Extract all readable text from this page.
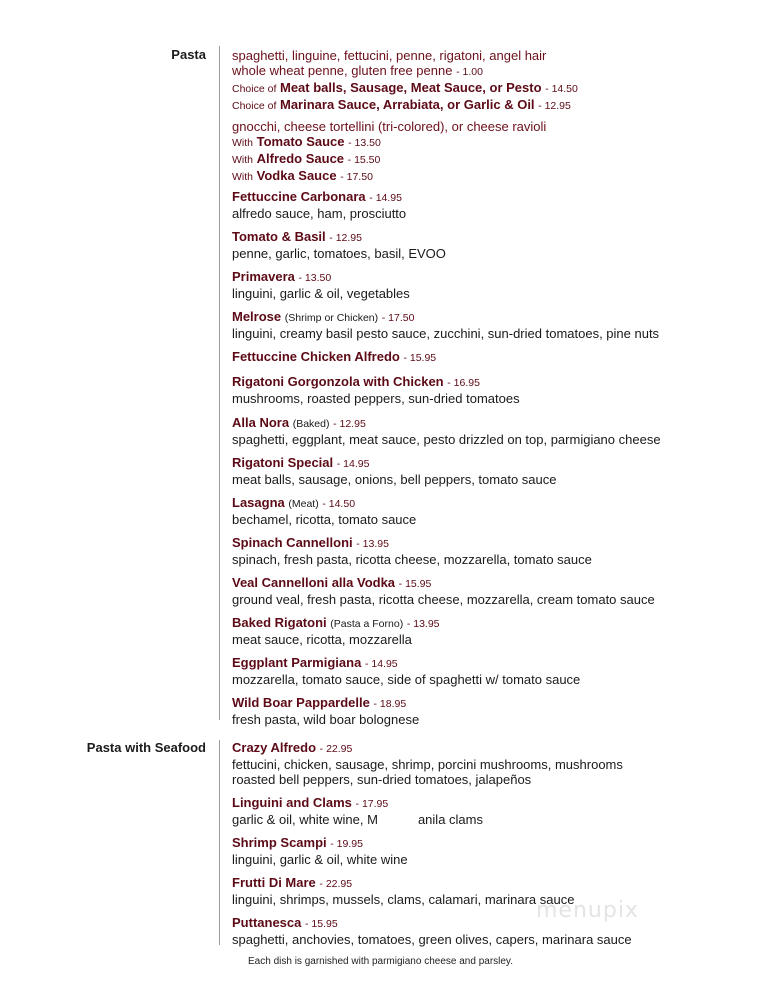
Pasta
Pasta with Seafood
spaghetti, linguine, fettucini, penne, rigatoni, angel hair
whole wheat penne, gluten free penne - 1.00
Choice of Meat balls, Sausage, Meat Sauce, or Pesto - 14.50
Choice of Marinara Sauce, Arrabiata, or Garlic & Oil - 12.95
gnocchi, cheese tortellini (tri-colored), or cheese ravioli
With Tomato Sauce - 13.50
With Alfredo Sauce - 15.50
With Vodka Sauce - 17.50
Fettuccine Carbonara - 14.95
alfredo sauce, ham, prosciutto
Tomato & Basil - 12.95
penne, garlic, tomatoes, basil, EVOO
Primavera - 13.50
linguini, garlic & oil, vegetables
Melrose (Shrimp or Chicken) - 17.50
linguini, creamy basil pesto sauce, zucchini, sun-dried tomatoes, pine nuts
Fettuccine Chicken Alfredo - 15.95
Rigatoni Gorgonzola with Chicken - 16.95
mushrooms, roasted peppers, sun-dried tomatoes
Alla Nora (Baked) - 12.95
spaghetti, eggplant, meat sauce, pesto drizzled on top, parmigiano cheese
Rigatoni Special - 14.95
meat balls, sausage, onions, bell peppers, tomato sauce
Lasagna (Meat) - 14.50
bechamel, ricotta, tomato sauce
Spinach Cannelloni - 13.95
spinach, fresh pasta, ricotta cheese, mozzarella, tomato sauce
Veal Cannelloni alla Vodka - 15.95
ground veal, fresh pasta, ricotta cheese, mozzarella, cream tomato sauce
Baked Rigatoni (Pasta a Forno) - 13.95
meat sauce, ricotta, mozzarella
Eggplant Parmigiana - 14.95
mozzarella, tomato sauce, side of spaghetti w/ tomato sauce
Wild Boar Pappardelle - 18.95
fresh pasta, wild boar bolognese
Crazy Alfredo - 22.95
fettucini, chicken, sausage, shrimp, porcini mushrooms, mushrooms
roasted bell peppers, sun-dried tomatoes, jalapeños
Linguini and Clams - 17.95
garlic & oil, white wine, M	anila clams
Shrimp Scampi - 19.95
linguini, garlic & oil, white wine
Frutti Di Mare - 22.95
linguini, shrimps, mussels, clams, calamari, marinara sauce
Puttanesca - 15.95
spaghetti, anchovies, tomatoes, green olives, capers, marinara sauce
menupix
Each dish is garnished with parmigiano cheese and parsley.
